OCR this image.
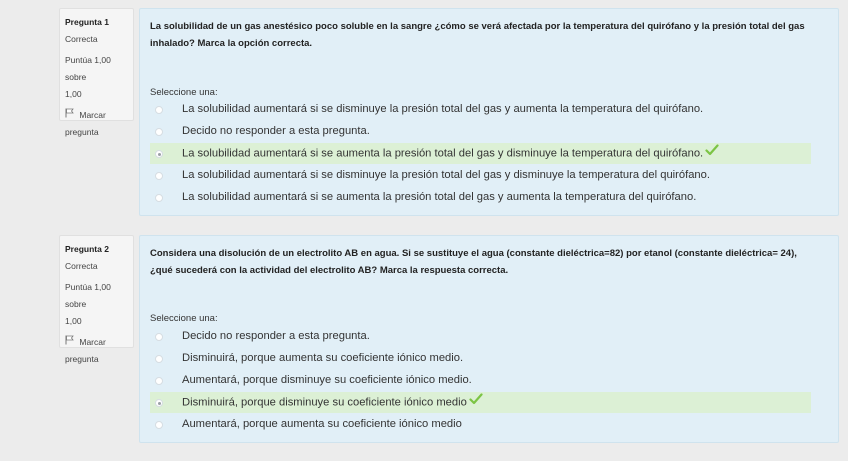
Pregunta 1
Correcta
Puntúa 1,00 sobre
1,00
Marcar
pregunta
La solubilidad de un gas anestésico poco soluble en la sangre ¿cómo se verá afectada por la temperatura del quirófano y la presión total del gas inhalado? Marca la opción correcta.
Seleccione una:
La solubilidad aumentará si se disminuye la presión total del gas y aumenta la temperatura del quirófano.
Decido no responder a esta pregunta.
La solubilidad aumentará si se aumenta la presión total del gas y disminuye la temperatura del quirófano.
La solubilidad aumentará si se disminuye la presión total del gas y disminuye la temperatura del quirófano.
La solubilidad aumentará si se aumenta la presión total del gas y aumenta la temperatura del quirófano.
Pregunta 2
Correcta
Puntúa 1,00 sobre
1,00
Marcar
pregunta
Considera una disolución de un electrolito AB en agua. Si se sustituye el agua (constante dieléctrica=82) por etanol (constante dieléctrica= 24), ¿qué sucederá con la actividad del electrolito AB? Marca la respuesta correcta.
Seleccione una:
Decido no responder a esta pregunta.
Disminuirá, porque aumenta su coeficiente iónico medio.
Aumentará, porque disminuye su coeficiente iónico medio.
Disminuirá, porque disminuye su coeficiente iónico medio
Aumentará, porque aumenta su coeficiente iónico medio
